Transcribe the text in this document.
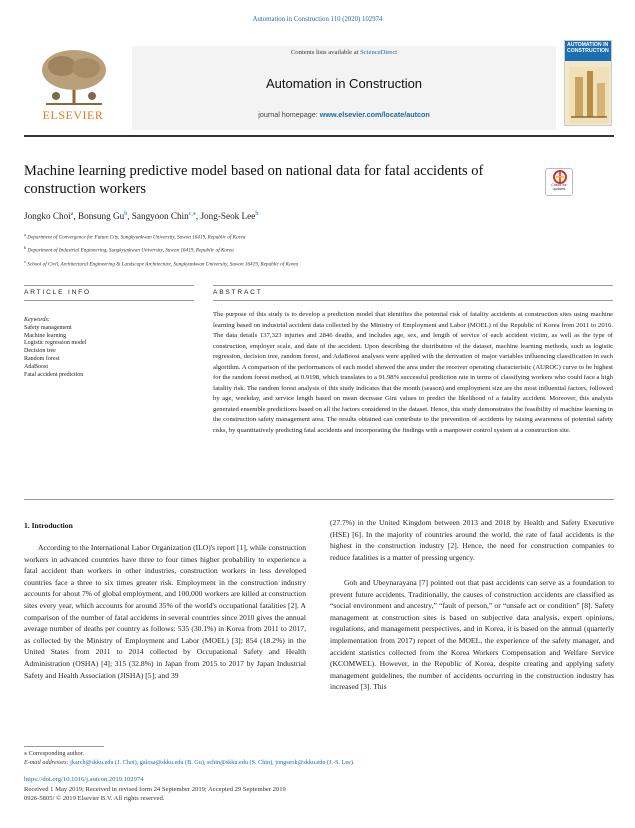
Automation in Construction 110 (2020) 102974
ELSEVIER
Contents lists available at ScienceDirect
Automation in Construction
journal homepage: www.elsevier.com/locate/autcon
AUTOMATION IN CONSTRUCTION
Machine learning predictive model based on national data for fatal accidents of construction workers	Check for updates
Jongko Choi$^a$, Bonsung Gu$^b$, Sangyoon Chin$^{c,⁎}$, Jong-Seok Lee$^b$
$^a$ Department of Convergence for Future City, Sungkyunkwan University, Suwon 16419, Republic of Korea
$^b$ Department of Industrial Engineering, Sungkyunkwan University, Suwon 16419, Republic of Korea
$^c$ School of Civil, Architectural Engineering & Landscape Architecture, Sungkyunkwan University, Suwon 16419, Republic of Korea
ARTICLE INFO
Keywords:
Safety management
Machine learning
Logistic regression model
Decision tree
Random forest
AdaBoost
Fatal accident prediction
ABSTRACT
The purpose of this study is to develop a prediction model that identifies the potential risk of fatality accidents at construction sites using machine learning based on industrial accident data collected by the Ministry of Employment and Labor (MOEL) of the Republic of Korea from 2011 to 2016. The data details 137,323 injuries and 2846 deaths, and includes age, sex, and length of service of each accident victim, as well as the type of construction, employer scale, and date of the accident. Upon describing the distribution of the dataset, machine learning methods, such as logistic regression, decision tree, random forest, and AdaBoost analyses were applied with the derivation of major variables influencing classification in each algorithm. A comparison of the performances of each model showed the area under the receiver operating characteristic (AUROC) curve to be highest for the random forest method, at 0.9198, which translates to a 91.98% successful prediction rate in terms of classifying workers who could face a high fatality risk. The random forest analysis of this study indicates that the month (season) and employment size are the most influential factors, followed by age, weekday, and service length based on mean decrease Gini values to predict the likelihood of a fatality accident. Moreover, this analysis generated ensemble predictions based on all the factors considered in the dataset. Hence, this study demonstrates the feasibility of machine learning in the construction safety management area. The results obtained can contribute to the prevention of accidents by raising awareness of potential safety risks, by quantitatively predicting fatal accidents and incorporating the findings with a manpower control system at a construction site.
1. Introduction
According to the International Labor Organization (ILO)'s report [1], while construction workers in advanced countries have three to four times higher probability to experience a fatal accident than workers in other industries, construction workers in less developed countries face a three to six times greater risk. Employment in the construction industry accounts for about 7% of global employment, and 100,000 workers are killed at construction sites every year, which accounts for around 35% of the world's occupational fatalities [2]. A comparison of the number of fatal accidents in several countries since 2010 gives the annual average number of deaths per country as follows: 535 (30.1%) in Korea from 2011 to 2017, as collected by the Ministry of Employment and Labor (MOEL) [3]; 854 (18.2%) in the United States from 2011 to 2014 collected by Occupational Safety and Health Administration (OSHA) [4]; 315 (32.8%) in Japan from 2015 to 2017 by Japan Industrial Safety and Health Association (JISHA) [5]; and 39
(27.7%) in the United Kingdom between 2013 and 2018 by Health and Safety Executive (HSE) [6]. In the majority of countries around the world, the rate of fatal accidents is the highest in the construction industry [2]. Hence, the need for construction companies to reduce fatalities is a matter of pressing urgency.
Goh and Ubeynarayana [7] pointed out that past accidents can serve as a foundation to prevent future accidents. Traditionally, the causes of construction accidents are classified as “social environment and ancestry,” “fault of person,” or “unsafe act or condition” [8]. Safety management at construction sites is based on subjective data analysis, expert opinions, regulations, and management perspectives, and in Korea, it is based on the annual (quarterly implementation from 2017) report of the MOEL, the experience of the safety manager, and accident statistics collected from the Korea Workers Compensation and Welfare Service (KCOMWEL). However, in the Republic of Korea, despite creating and applying safety management guidelines, the number of accidents occurring in the construction industry has increased [3]. This
⁎ Corresponding author.
E-mail addresses: jkarch@skku.edu (J. Choi), galosa@skku.edu (B. Gu), schin@skku.edu (S. Chin), jongseok@skku.edu (J.-S. Lee).
https://doi.org/10.1016/j.autcon.2019.102974
Received 1 May 2019; Received in revised form 24 September 2019; Accepted 29 September 2019
0926-5805/ © 2019 Elsevier B.V. All rights reserved.
